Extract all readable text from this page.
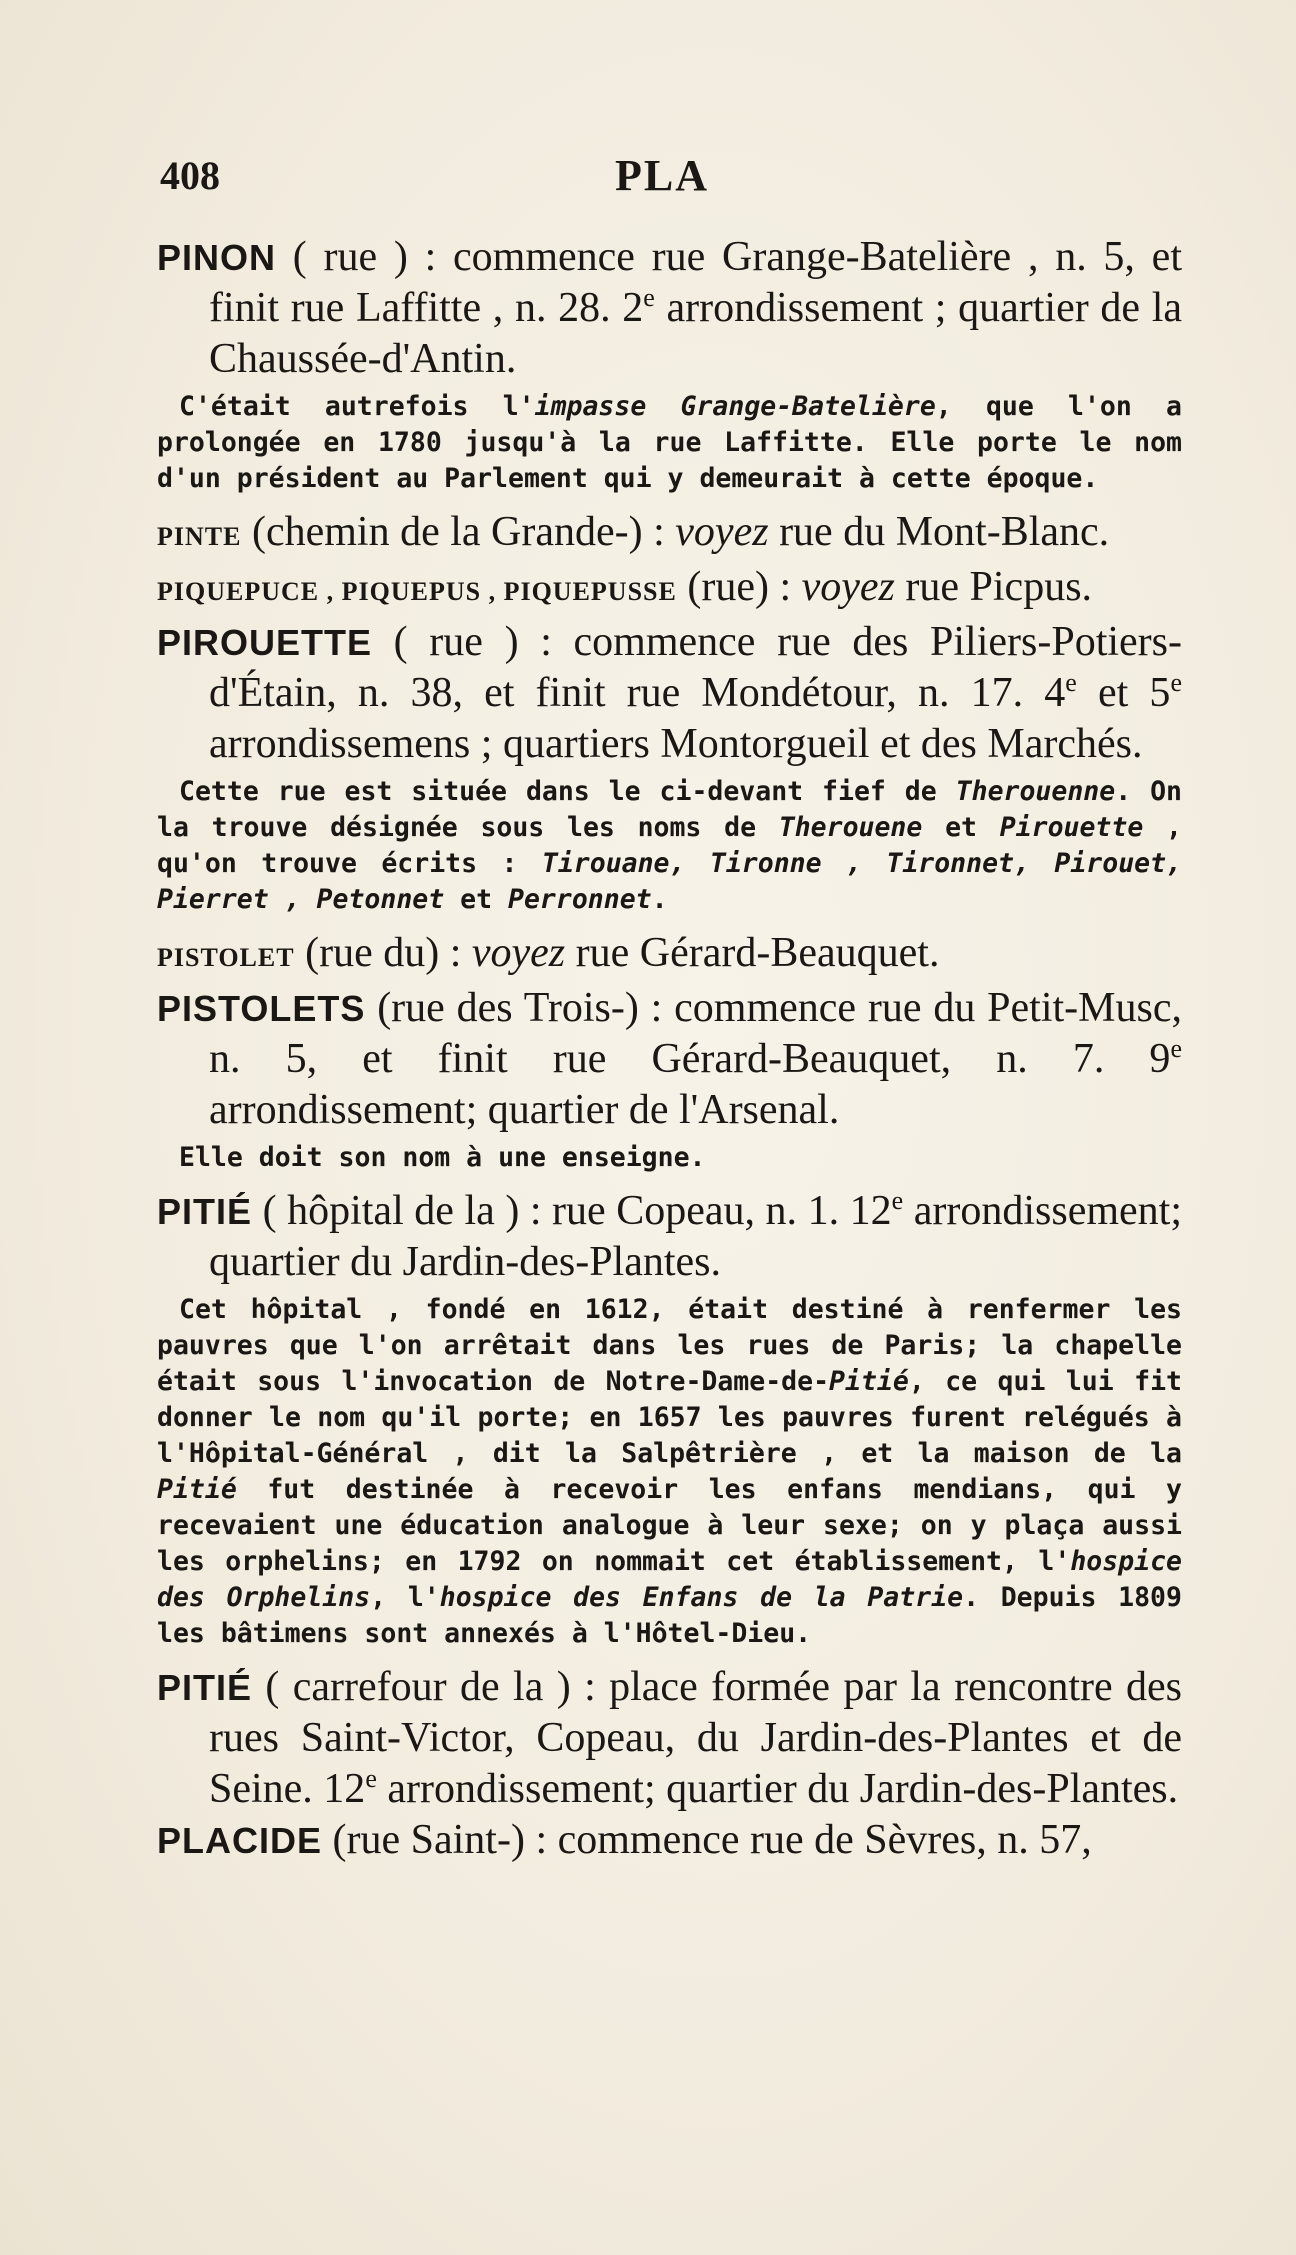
408	PLA

PINON ( rue ) : commence rue Grange-Batelière , n. 5, et finit rue Laffitte , n. 28. 2e arrondissement ; quartier de la Chaussée-d'Antin.

C'était autrefois l'impasse Grange-Batelière, que l'on a prolongée en 1780 jusqu'à la rue Laffitte. Elle porte le nom d'un président au Parlement qui y demeurait à cette époque.

PINTE (chemin de la Grande-) : voyez rue du Mont-Blanc.

PIQUEPUCE , PIQUEPUS , PIQUEPUSSE (rue) : voyez rue Picpus.

PIROUETTE ( rue ) : commence rue des Piliers-Potiers-d'Étain, n. 38, et finit rue Mondétour, n. 17. 4e et 5e arrondissemens ; quartiers Montorgueil et des Marchés.

Cette rue est située dans le ci-devant fief de Therouenne. On la trouve désignée sous les noms de Therouene et Pirouette , qu'on trouve écrits : Tirouane, Tironne , Tironnet, Pirouet, Pierret , Petonnet et Perronnet.

PISTOLET (rue du) : voyez rue Gérard-Beauquet.

PISTOLETS (rue des Trois-) : commence rue du Petit-Musc, n. 5, et finit rue Gérard-Beauquet, n. 7. 9e arrondissement; quartier de l'Arsenal.

Elle doit son nom à une enseigne.

PITIÉ ( hôpital de la ) : rue Copeau, n. 1. 12e arrondissement; quartier du Jardin-des-Plantes.

Cet hôpital , fondé en 1612, était destiné à renfermer les pauvres que l'on arrêtait dans les rues de Paris; la chapelle était sous l'invocation de Notre-Dame-de-Pitié, ce qui lui fit donner le nom qu'il porte; en 1657 les pauvres furent relégués à l'Hôpital-Général , dit la Salpêtrière , et la maison de la Pitié fut destinée à recevoir les enfans mendians, qui y recevaient une éducation analogue à leur sexe; on y plaça aussi les orphelins; en 1792 on nommait cet établissement, l'hospice des Orphelins, l'hospice des Enfans de la Patrie. Depuis 1809 les bâtimens sont annexés à l'Hôtel-Dieu.

PITIÉ ( carrefour de la ) : place formée par la rencontre des rues Saint-Victor, Copeau, du Jardin-des-Plantes et de Seine. 12e arrondissement; quartier du Jardin-des-Plantes.

PLACIDE (rue Saint-) : commence rue de Sèvres, n. 57,
